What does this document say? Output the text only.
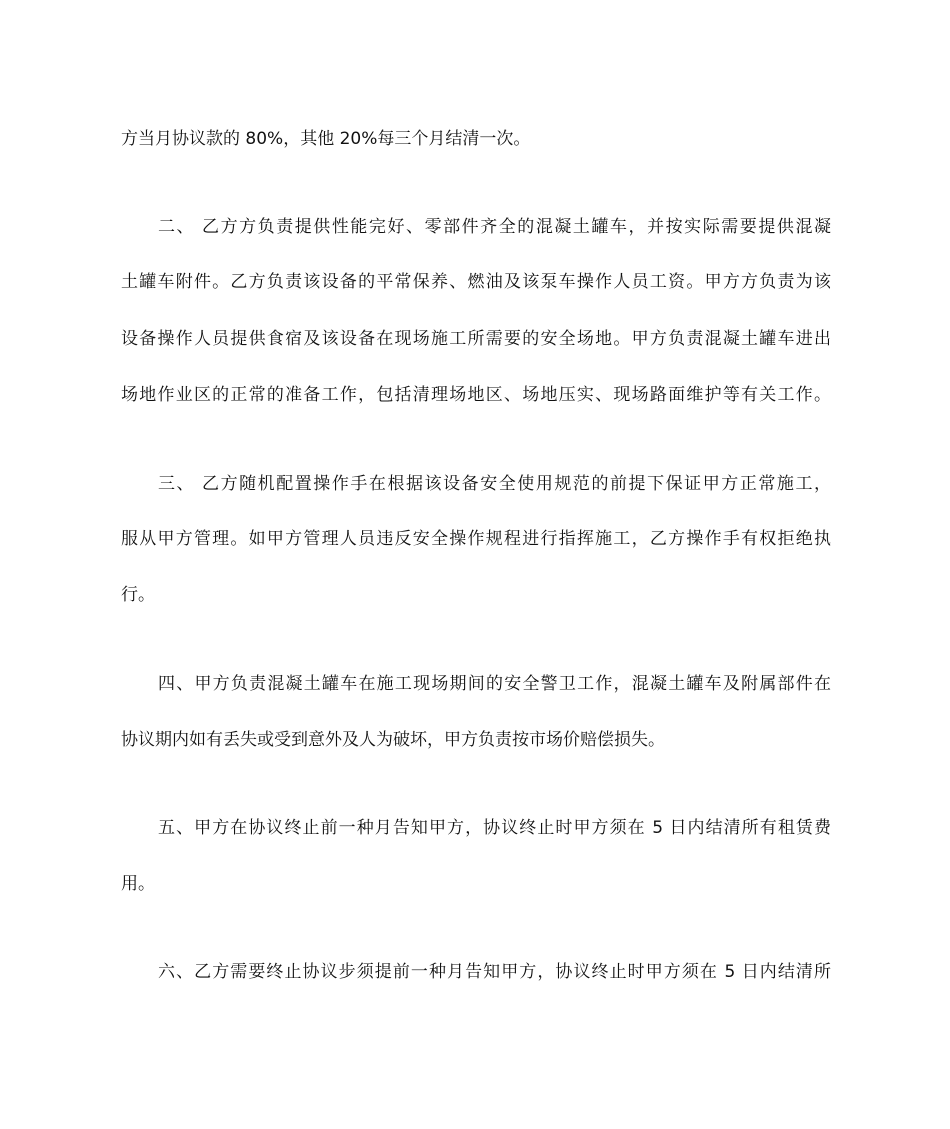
方当月协议款的 80%，其他 20%每三个月结清一次。
二、 乙方方负责提供性能完好、零部件齐全的混凝土罐车，并按实际需要提供混凝
土罐车附件。乙方负责该设备的平常保养、燃油及该泵车操作人员工资。甲方方负责为该
设备操作人员提供食宿及该设备在现场施工所需要的安全场地。甲方负责混凝土罐车进出
场地作业区的正常的准备工作，包括清理场地区、场地压实、现场路面维护等有关工作。
三、 乙方随机配置操作手在根据该设备安全使用规范的前提下保证甲方正常施工，
服从甲方管理。如甲方管理人员违反安全操作规程进行指挥施工，乙方操作手有权拒绝执
行。
四、甲方负责混凝土罐车在施工现场期间的安全警卫工作，混凝土罐车及附属部件在
协议期内如有丢失或受到意外及人为破坏，甲方负责按市场价赔偿损失。
五、甲方在协议终止前一种月告知甲方，协议终止时甲方须在 5 日内结清所有租赁费
用。
六、乙方需要终止协议步须提前一种月告知甲方，协议终止时甲方须在 5 日内结清所
